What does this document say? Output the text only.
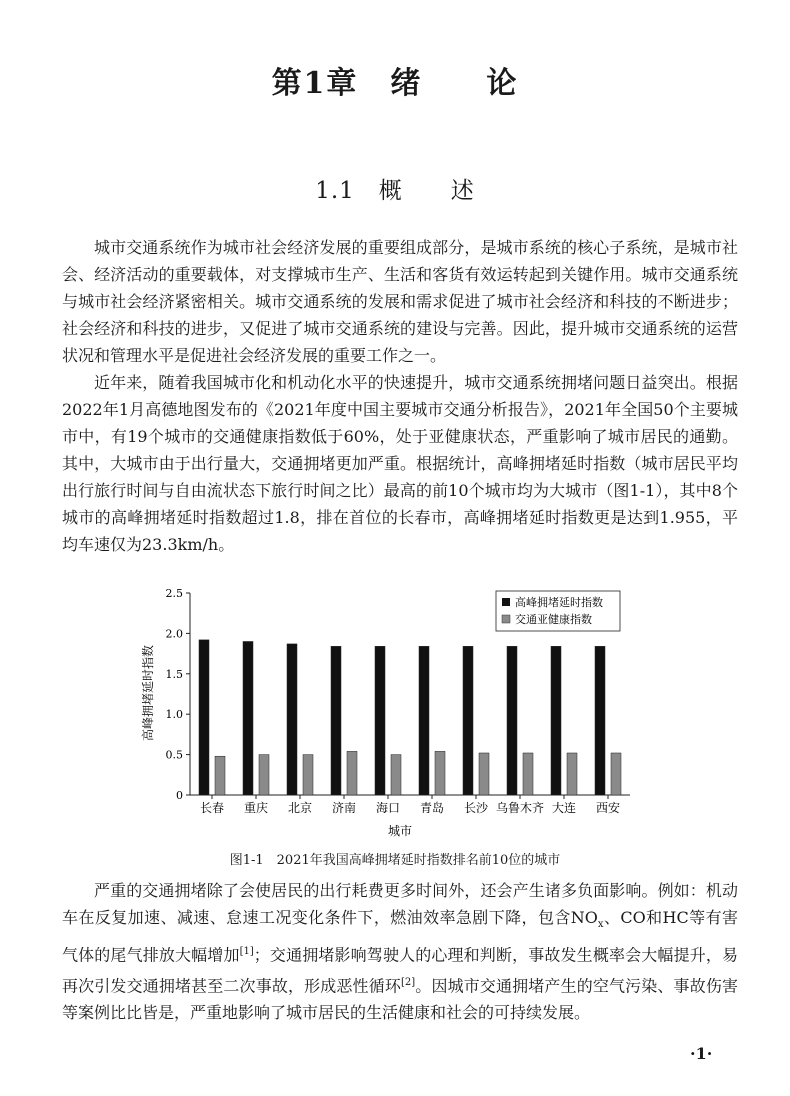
第1章　绪　　论
1.1　概　　述

城市交通系统作为城市社会经济发展的重要组成部分，是城市系统的核心子系统，是城市社会、经济活动的重要载体，对支撑城市生产、生活和客货有效运转起到关键作用。城市交通系统与城市社会经济紧密相关。城市交通系统的发展和需求促进了城市社会经济和科技的不断进步；社会经济和科技的进步，又促进了城市交通系统的建设与完善。因此，提升城市交通系统的运营状况和管理水平是促进社会经济发展的重要工作之一。

近年来，随着我国城市化和机动化水平的快速提升，城市交通系统拥堵问题日益突出。根据2022年1月高德地图发布的《2021年度中国主要城市交通分析报告》，2021年全国50个主要城市中，有19个城市的交通健康指数低于60%，处于亚健康状态，严重影响了城市居民的通勤。其中，大城市由于出行量大，交通拥堵更加严重。根据统计，高峰拥堵延时指数（城市居民平均出行旅行时间与自由流状态下旅行时间之比）最高的前10个城市均为大城市（图1-1），其中8个城市的高峰拥堵延时指数超过1.8，排在首位的长春市，高峰拥堵延时指数更是达到1.955，平均车速仅为23.3km/h。

0
0.5
1.0
1.5
2.0
2.5
长春 重庆 北京 济南 海口 青岛 长沙 乌鲁木齐 大连 西安
高峰拥堵延时指数
交通亚健康指数
城市
高峰拥堵延时指数
图1-1　2021年我国高峰拥堵延时指数排名前10位的城市

严重的交通拥堵除了会使居民的出行耗费更多时间外，还会产生诸多负面影响。例如：机动车在反复加速、减速、怠速工况变化条件下，燃油效率急剧下降，包含$NO_x$、CO和HC等有害气体的尾气排放大幅增加[1]；交通拥堵影响驾驶人的心理和判断，事故发生概率会大幅提升，易再次引发交通拥堵甚至二次事故，形成恶性循环[2]。因城市交通拥堵产生的空气污染、事故伤害等案例比比皆是，严重地影响了城市居民的生活健康和社会的可持续发展。

·1·
